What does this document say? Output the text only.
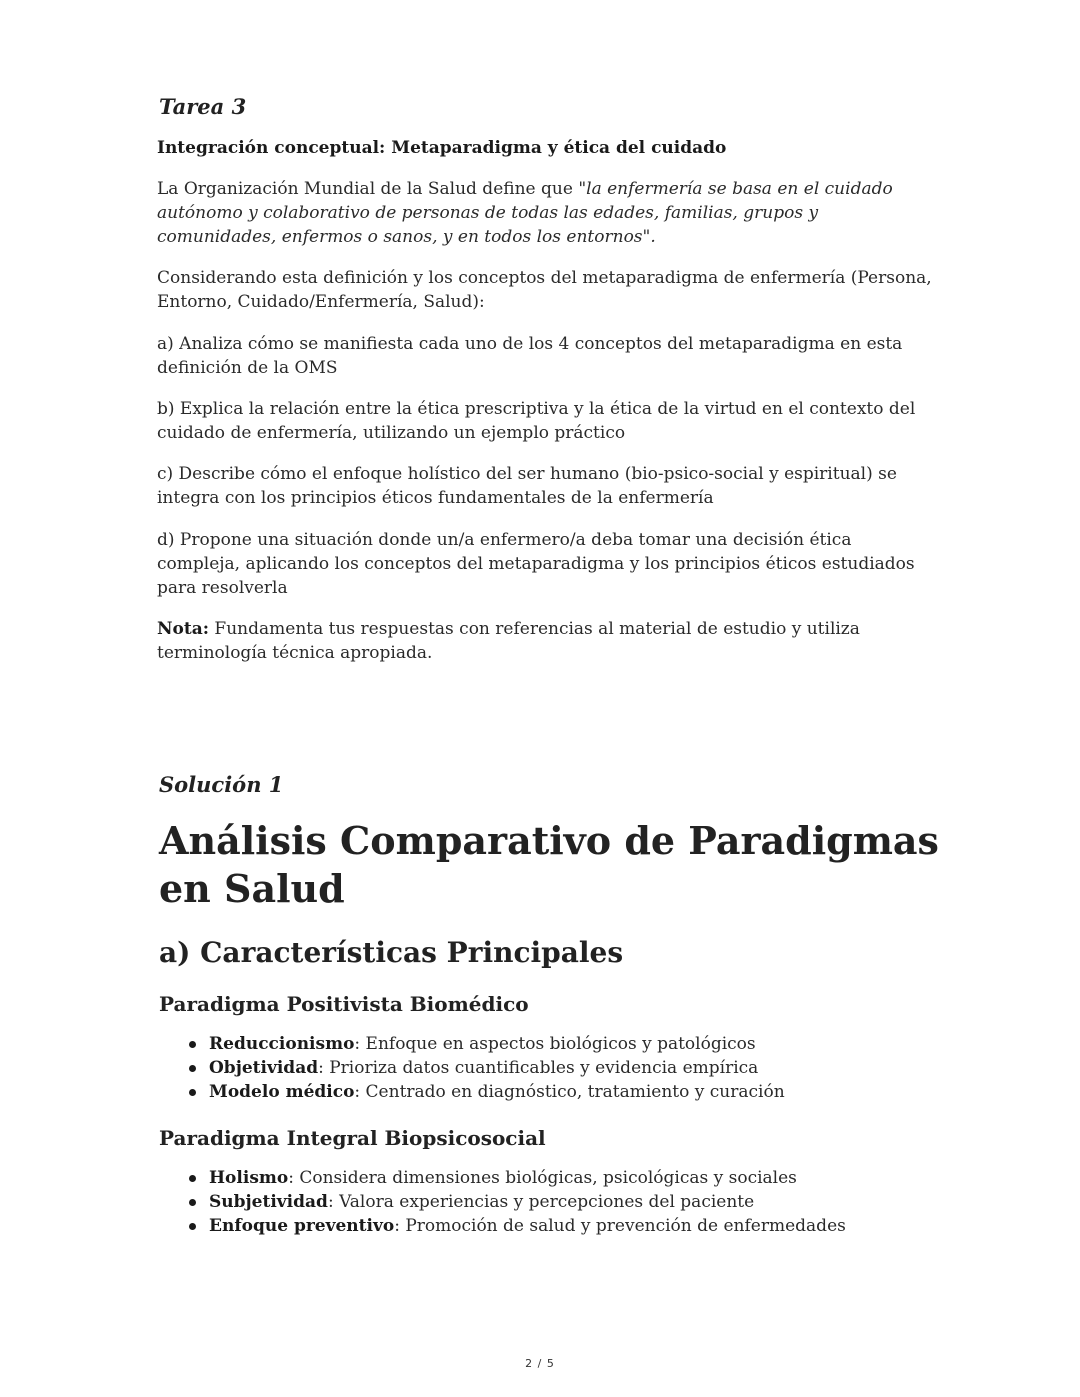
Tarea 3
Integración conceptual: Metaparadigma y ética del cuidado

La Organización Mundial de la Salud define que "la enfermería se basa en el cuidado autónomo y colaborativo de personas de todas las edades, familias, grupos y comunidades, enfermos o sanos, y en todos los entornos".

Considerando esta definición y los conceptos del metaparadigma de enfermería (Persona, Entorno, Cuidado/Enfermería, Salud):

a) Analiza cómo se manifiesta cada uno de los 4 conceptos del metaparadigma en esta definición de la OMS

b) Explica la relación entre la ética prescriptiva y la ética de la virtud en el contexto del cuidado de enfermería, utilizando un ejemplo práctico

c) Describe cómo el enfoque holístico del ser humano (bio-psico-social y espiritual) se integra con los principios éticos fundamentales de la enfermería

d) Propone una situación donde un/a enfermero/a deba tomar una decisión ética compleja, aplicando los conceptos del metaparadigma y los principios éticos estudiados para resolverla

Nota: Fundamenta tus respuestas con referencias al material de estudio y utiliza terminología técnica apropiada.

Solución 1
Análisis Comparativo de Paradigmas en Salud
a) Características Principales
Paradigma Positivista Biomédico
Reduccionismo: Enfoque en aspectos biológicos y patológicos
Objetividad: Prioriza datos cuantificables y evidencia empírica
Modelo médico: Centrado en diagnóstico, tratamiento y curación
Paradigma Integral Biopsicosocial
Holismo: Considera dimensiones biológicas, psicológicas y sociales
Subjetividad: Valora experiencias y percepciones del paciente
Enfoque preventivo: Promoción de salud y prevención de enfermedades
2 / 5
